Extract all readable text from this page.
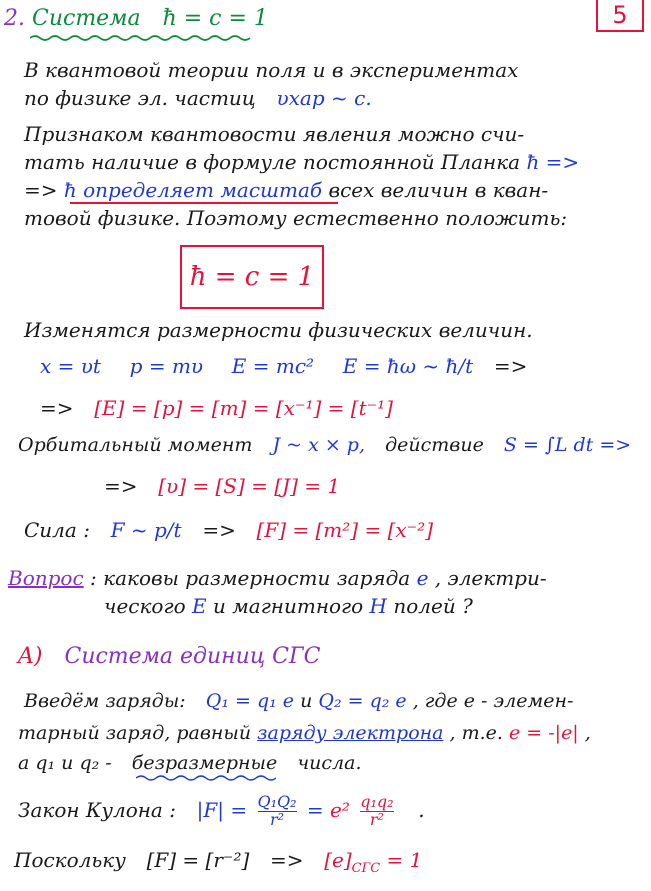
5
2. Система ħ = c = 1
В квантовой теории поля и в экспериментах
по физике эл. частиц υхар ~ c.
Признаком квантовости явления можно счи-
тать наличие в формуле постоянной Планка ħ =>
=> ħ определяет масштаб всех величин в кван-
товой физике. Поэтому естественно положить:
ħ = c = 1
Изменятся размерности физических величин.
x = υt p = mυ E = mc² E = ħω ~ ħ/t =>
=> [E] = [p] = [m] = [x⁻¹] = [t⁻¹]
Орбитальный момент J ~ x × p, действие S = ∫L dt =>
=> [υ] = [S] = [J] = 1
Сила : F ~ p/t => [F] = [m²] = [x⁻²]
Вопрос : каковы размерности заряда e , электри-
ческого E и магнитного H полей ?
A) Система единиц СГС
Введём заряды: Q₁ = q₁ e и Q₂ = q₂ e , где e - элемен-
тарный заряд, равный заряду электрона , т.е. e = -|e| ,
a q₁ и q₂ - безразмерные числа.
Закон Кулона : $|F| = \frac{\text{Q₁Q₂}}{\text{r²}} = e^2 \frac{\text{q₁q₂}}{\text{r²}}$ .
Поскольку $[F] = [r^{-2}] => [e]_{СГС} = 1$
